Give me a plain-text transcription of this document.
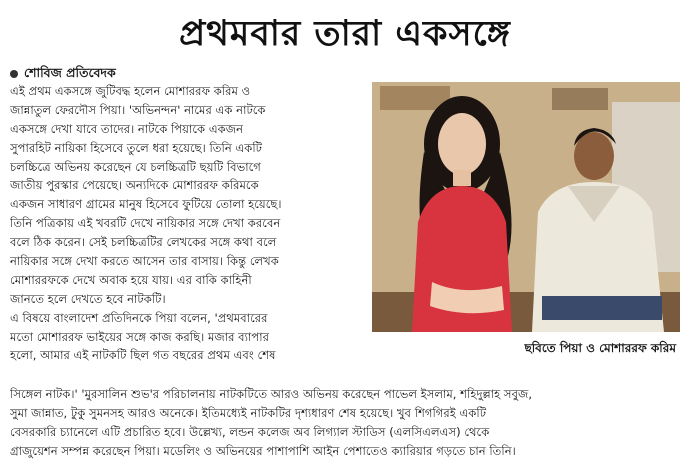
প্রথমবার তারা একসঙ্গে
শোবিজ প্রতিবেদক
এই প্রথম একসঙ্গে জুটিবদ্ধ হলেন মোশাররফ করিম ও
জান্নাতুল ফেরদৌস পিয়া। 'অভিনন্দন' নামের এক নাটকে
একসঙ্গে দেখা যাবে তাদের। নাটকে পিয়াকে একজন
সুপারহিট নায়িকা হিসেবে তুলে ধরা হয়েছে। তিনি একটি
চলচ্চিত্রে অভিনয় করেছেন যে চলচ্চিত্রটি ছয়টি বিভাগে
জাতীয় পুরস্কার পেয়েছে। অন্যদিকে মোশাররফ করিমকে
একজন সাধারণ গ্রামের মানুষ হিসেবে ফুটিয়ে তোলা হয়েছে।
তিনি পত্রিকায় এই খবরটি দেখে নায়িকার সঙ্গে দেখা করবেন
বলে ঠিক করেন। সেই চলচ্চিত্রটির লেখকের সঙ্গে কথা বলে
নায়িকার সঙ্গে দেখা করতে আসেন তার বাসায়। কিন্তু লেখক
মোশাররফকে দেখে অবাক হয়ে যায়। এর বাকি কাহিনী
জানতে হলে দেখতে হবে নাটকটি।
এ বিষয়ে বাংলাদেশ প্রতিদিনকে পিয়া বলেন, 'প্রথমবারের
মতো মোশাররফ ভাইয়ের সঙ্গে কাজ করছি। মজার ব্যাপার
হলো, আমার এই নাটকটি ছিল গত বছরের প্রথম এবং শেষ
ছবিতে পিয়া ও মোশাররফ করিম
সিঙ্গেল নাটক।' 'মুরসালিন শুভ'র পরিচালনায় নাটকটিতে আরও অভিনয় করেছেন পাভেল ইসলাম, শহিদুল্লাহ সবুজ,
সুমা জান্নাত, টুকু সুমনসহ আরও অনেকে। ইতিমধ্যেই নাটকটির দৃশ্যধারণ শেষ হয়েছে। খুব শিগগিরই একটি
বেসরকারি চ্যানেলে এটি প্রচারিত হবে। উল্লেখ্য, লন্ডন কলেজ অব লিগ্যাল স্টাডিস (এলসিএলএস) থেকে
গ্রাজুয়েশন সম্পন্ন করেছেন পিয়া। মডেলিং ও অভিনয়ের পাশাপাশি আইন পেশাতেও ক্যারিয়ার গড়তে চান তিনি।
